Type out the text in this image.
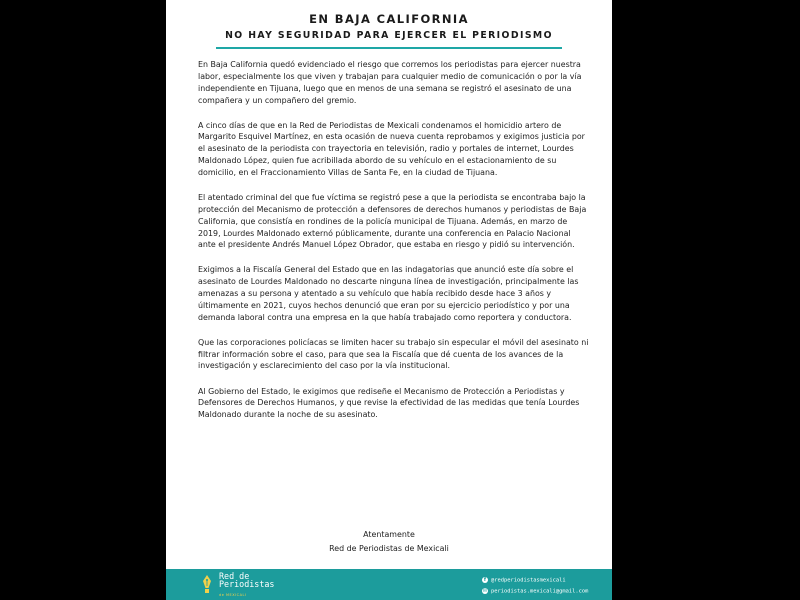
EN BAJA CALIFORNIA
NO HAY SEGURIDAD PARA EJERCER EL PERIODISMO

En Baja California quedó evidenciado el riesgo que corremos los periodistas para ejercer nuestra labor, especialmente los que viven y trabajan para cualquier medio de comunicación o por la vía independiente en Tijuana, luego que en menos de una semana se registró el asesinato de una compañera y un compañero del gremio.

A cinco días de que en la Red de Periodistas de Mexicali condenamos el homicidio artero de Margarito Esquivel Martínez, en esta ocasión de nueva cuenta reprobamos y exigimos justicia por el asesinato de la periodista con trayectoria en televisión, radio y portales de internet, Lourdes Maldonado López, quien fue acribillada abordo de su vehículo en el estacionamiento de su domicilio, en el Fraccionamiento Villas de Santa Fe, en la ciudad de Tijuana.

El atentado criminal del que fue víctima se registró pese a que la periodista se encontraba bajo la protección del Mecanismo de protección a defensores de derechos humanos y periodistas de Baja California, que consistía en rondines de la policía municipal de Tijuana. Además, en marzo de 2019, Lourdes Maldonado externó públicamente, durante una conferencia en Palacio Nacional ante el presidente Andrés Manuel López Obrador, que estaba en riesgo y pidió su intervención.

Exigimos a la Fiscalía General del Estado que en las indagatorias que anunció este día sobre el asesinato de Lourdes Maldonado no descarte ninguna línea de investigación, principalmente las amenazas a su persona y atentado a su vehículo que había recibido desde hace 3 años y últimamente en 2021, cuyos hechos denunció que eran por su ejercicio periodístico y por una demanda laboral contra una empresa en la que había trabajado como reportera y conductora.

Que las corporaciones policíacas se limiten hacer su trabajo sin especular el móvil del asesinato ni filtrar información sobre el caso, para que sea la Fiscalía que dé cuenta de los avances de la investigación y esclarecimiento del caso por la vía institucional.

Al Gobierno del Estado, le exigimos que rediseñe el Mecanismo de Protección a Periodistas y Defensores de Derechos Humanos, y que revise la efectividad de las medidas que tenía Lourdes Maldonado durante la noche de su asesinato.

Atentamente
Red de Periodistas de Mexicali
Red de
Periodistas
de MEXICALI
f @redperiodistasmexicali
✉ periodistas.mexicali@gmail.com
